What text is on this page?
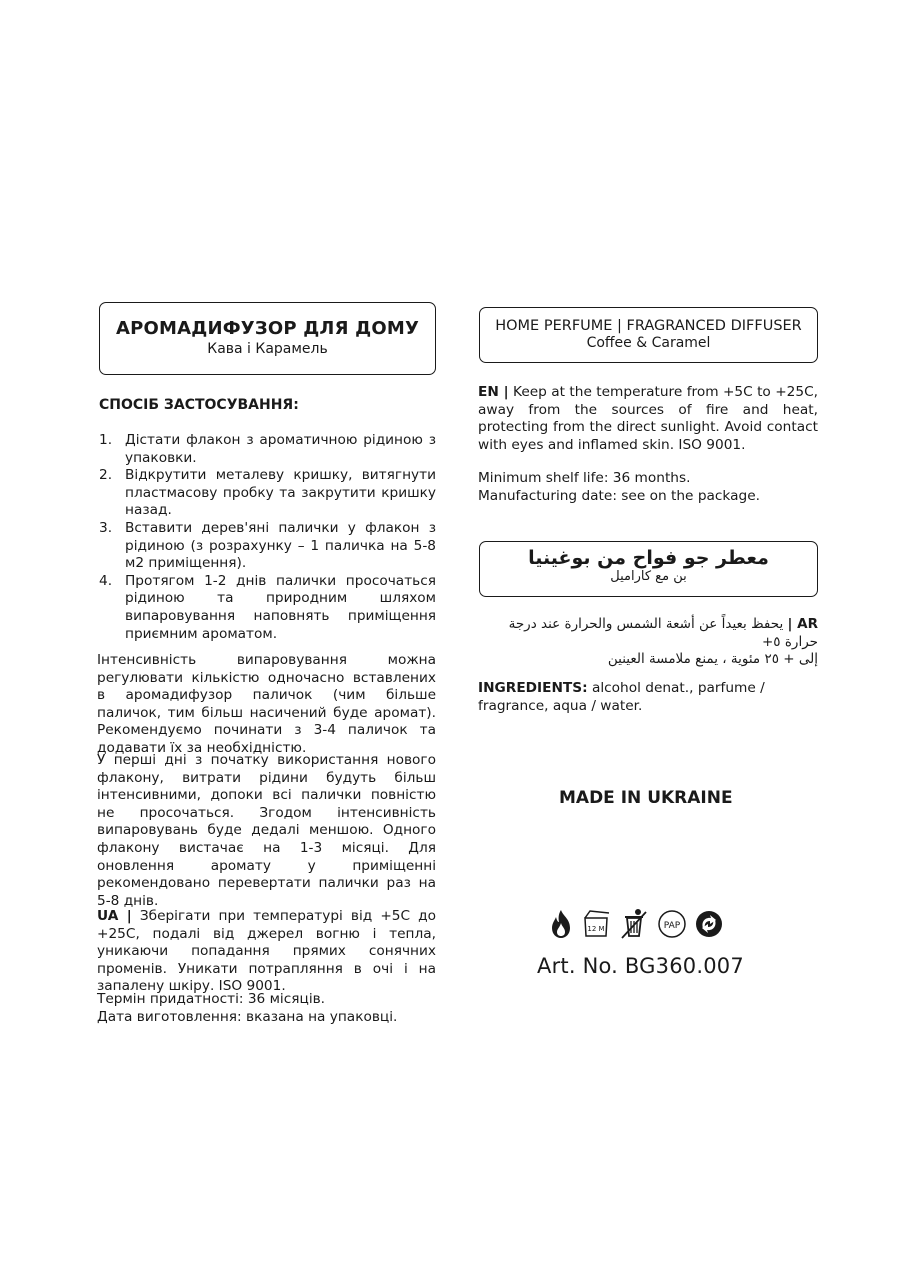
АРОМАДИФУЗОР ДЛЯ ДОМУ
Кава і Карамель
СПОСІБ ЗАСТОСУВАННЯ:
1. Дістати флакон з ароматичною рідиною з упаковки.
2. Відкрутити металеву кришку, витягнути пластмасову пробку та закрутити кришку назад.
3. Вставити дерев'яні палички у флакон з рідиною (з розрахунку – 1 паличка на 5-8 м2 приміщення).
4. Протягом 1-2 днів палички просочаться рідиною та природним шляхом випаровування наповнять приміщення приємним ароматом.
Інтенсивність випаровування можна регулювати кількістю одночасно вставлених в аромадифузор паличок (чим більше паличок, тим більш насичений буде аромат). Рекомендуємо починати з 3-4 паличок та додавати їх за необхідністю.
У перші дні з початку використання нового флакону, витрати рідини будуть більш інтенсивними, допоки всі палички повністю не просочаться. Згодом інтенсивність випаровувань буде дедалі меншою. Одного флакону вистачає на 1-3 місяці. Для оновлення аромату у приміщенні рекомендовано перевертати палички раз на 5-8 днів.
UA | Зберігати при температурі від +5С до +25С, подалі від джерел вогню і тепла, уникаючи попадання прямих сонячних променів. Уникати потрапляння в очі і на запалену шкіру. ISO 9001.
Термін придатності: 36 місяців.
Дата виготовлення: вказана на упаковці.
HOME PERFUME | FRAGRANCED DIFFUSER
Coffee & Caramel
EN | Keep at the temperature from +5C to +25C, away from the sources of fire and heat, protecting from the direct sunlight. Avoid contact with eyes and inflamed skin. ISO 9001.
Minimum shelf life: 36 months.
Manufacturing date: see on the package.
معطر جو فواح من بوغينيا
بن مع كاراميل
AR | يحفظ بعيداً عن أشعة الشمس والحرارة عند درجة حرارة ٥+
إلى + ٢٥ مئوية ، يمنع ملامسة العينين
INGREDIENTS: alcohol denat., parfume / fragrance, aqua / water.
MADE IN UKRAINE
12 M	PAP
Art. No. BG360.007
